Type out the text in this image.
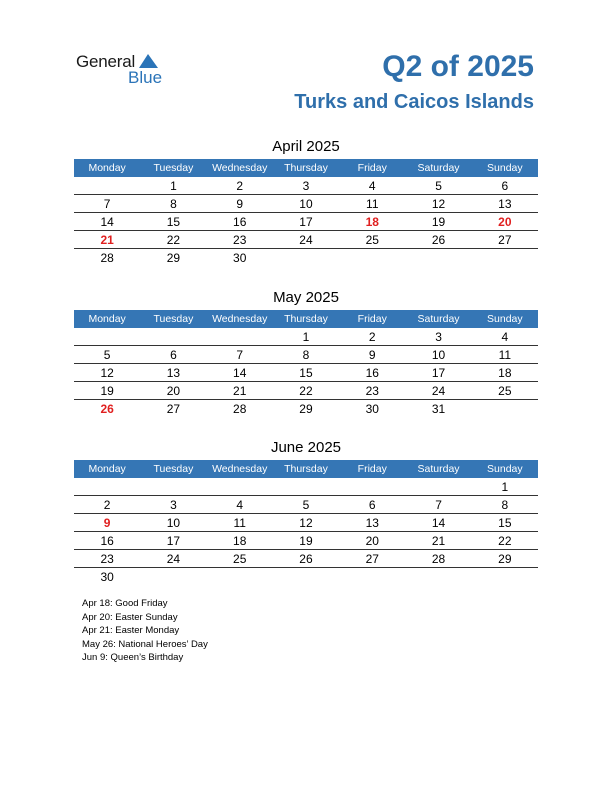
General
Blue	Q2 of 2025
Turks and Caicos Islands
April 2025
Monday	Tuesday	Wednesday	Thursday	Friday	Saturday	Sunday
	1	2	3	4	5	6
7	8	9	10	11	12	13
14	15	16	17	18	19	20
21	22	23	24	25	26	27
28	29	30				
May 2025
Monday	Tuesday	Wednesday	Thursday	Friday	Saturday	Sunday
			1	2	3	4
5	6	7	8	9	10	11
12	13	14	15	16	17	18
19	20	21	22	23	24	25
26	27	28	29	30	31	
June 2025
Monday	Tuesday	Wednesday	Thursday	Friday	Saturday	Sunday
						1
2	3	4	5	6	7	8
9	10	11	12	13	14	15
16	17	18	19	20	21	22
23	24	25	26	27	28	29
30						
Apr 18: Good Friday
Apr 20: Easter Sunday
Apr 21: Easter Monday
May 26: National Heroes’ Day
Jun 9: Queen’s Birthday
